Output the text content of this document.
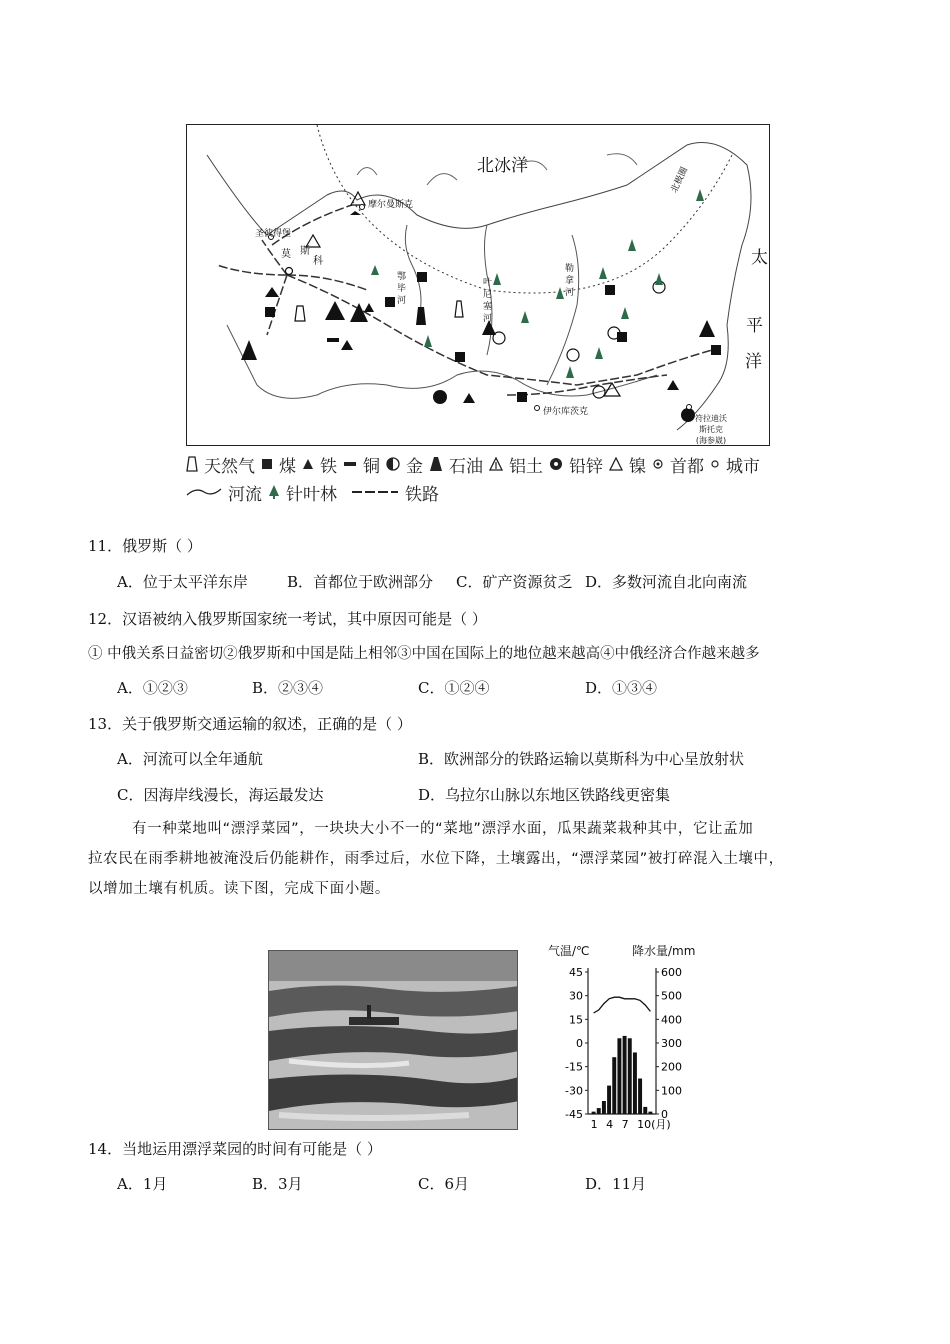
北冰洋	北极圈
太
平
洋
摩尔曼斯克
圣彼得堡
莫 斯
科
伊尔库茨克
符拉迪沃
斯托克
(海参崴)
鄂
毕
河
叶
尼
塞
河
勒
拿
河
天然气 煤 铁 铜 金 石油 铝土 铅锌 镍 首都 城市
河流 针叶林	铁路
11．俄罗斯（ ）
A．位于太平洋东岸	B．首都位于欧洲部分 C．矿产资源贫乏 D．多数河流自北向南流
12．汉语被纳入俄罗斯国家统一考试，其中原因可能是（ ）
① 中俄关系日益密切②俄罗斯和中国是陆上相邻③中国在国际上的地位越来越高④中俄经济合作越来越多
A．①②③	B．②③④	C．①②④	D．①③④
13．关于俄罗斯交通运输的叙述，正确的是（ ）
A．河流可以全年通航	B．欧洲部分的铁路运输以莫斯科为中心呈放射状
C．因海岸线漫长，海运最发达	D．乌拉尔山脉以东地区铁路线更密集
有一种菜地叫“漂浮菜园”，一块块大小不一的“菜地”漂浮水面，瓜果蔬菜栽种其中，它让孟加
拉农民在雨季耕地被淹没后仍能耕作，雨季过后，水位下降，土壤露出，“漂浮菜园”被打碎混入土壤中，
以增加土壤有机质。读下图，完成下面小题。
气温/℃	降水量/mm
45
30
15
0
-15
-30
-45
600
500
400
300
200
100
0
1 4 7 10(月)
14．当地运用漂浮菜园的时间有可能是（ ）
A．1月	B．3月	C．6月	D．11月
